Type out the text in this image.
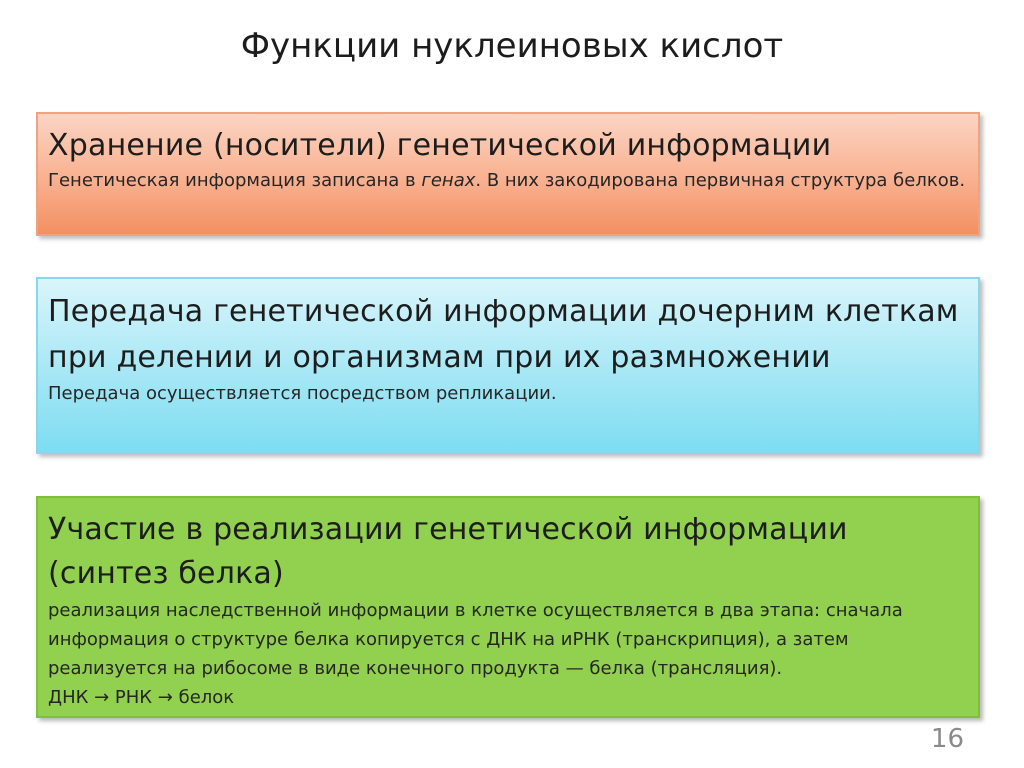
Функции нуклеиновых кислот
Хранение (носители) генетической информации
Генетическая информация записана в генах. В них закодирована первичная структура белков.
Передача генетической информации дочерним клеткам при делении и организмам при их размножении
Передача осуществляется посредством репликации.
Участие в реализации генетической информации (синтез белка)
реализация наследственной информации в клетке осуществляется в два этапа: сначала информация о структуре белка копируется с ДНК на иРНК (транскрипция), а затем реализуется на рибосоме в виде конечного продукта — белка (трансляция).
ДНК → РНК → белок
16
